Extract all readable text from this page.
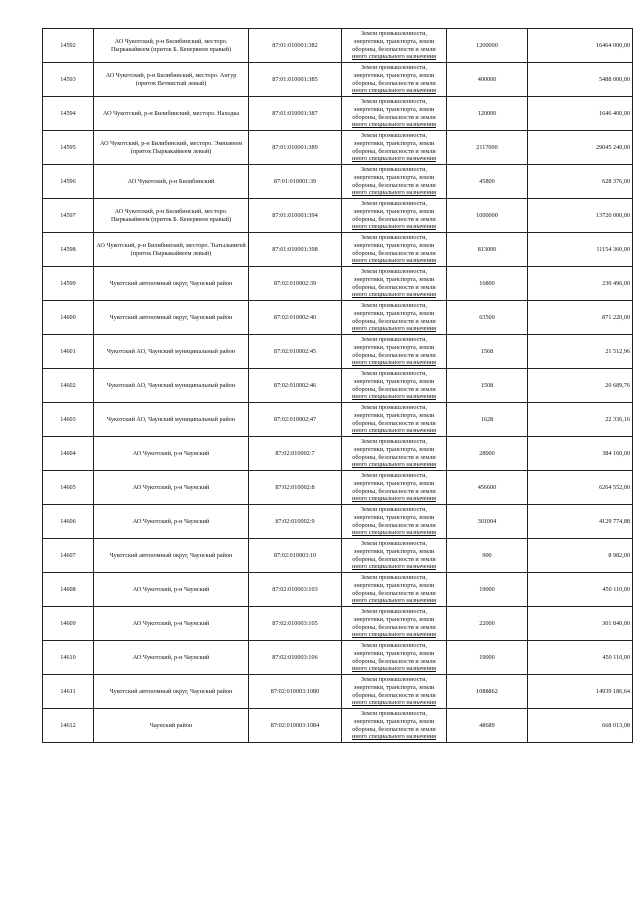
14592	АО Чукотский, р-н Билибинский, месторо. Пыркакайвеем (приток Б. Кенервеем правый)	87:01:010001:382	Земли промышленности,
энергетики, транспорта, земли
обороны, безопасности и земли
иного специального назначения	1200000	16464 000,00
14593	АО Чукотский, р-н Билибинский, месторо. Ангур (приток Ветвистый левый)	87:01:010001:385	Земли промышленности,
энергетики, транспорта, земли
обороны, безопасности и земли
иного специального назначения	400000	5488 000,00
14594	АО Чукотский, р-н Билибинский, месторо. Находка	87:01:010001:387	Земли промышленности,
энергетики, транспорта, земли
обороны, безопасности и земли
иного специального назначения	120000	1646 400,00
14595	АО Чукотский, р-н Билибинский, месторо. Эмнывеем (приток Пыркакайвеем левый)	87:01:010001:389	Земли промышленности,
энергетики, транспорта, земли
обороны, безопасности и земли
иного специального назначения	2117000	29045 240,00
14596	АО Чукотский, р-н Билибинский	87:01:010001:39	Земли промышленности,
энергетики, транспорта, земли
обороны, безопасности и земли
иного специального назначения	45800	628 376,00
14597	АО Чукотский, р-н Билибинский, месторо. Пыркакайвеем (приток Б. Кенервеем правый)	87:01:010001:394	Земли промышленности,
энергетики, транспорта, земли
обороны, безопасности и земли
иного специального назначения	1000000	13720 000,00
14598	АО Чукотский, р-н Билибинский, месторо. Тытыльвигей (приток Пыркакайвеем левый)	87:01:010001:398	Земли промышленности,
энергетики, транспорта, земли
обороны, безопасности и земли
иного специального назначения	813000	11154 360,00
14599	Чукотский автономный округ, Чаунский район	87:02:010002:39	Земли промышленности,
энергетики, транспорта, земли
обороны, безопасности и земли
иного специального назначения	16800	230 496,00
14600	Чукотский автономный округ, Чаунский район	87:02:010002:40	Земли промышленности,
энергетики, транспорта, земли
обороны, безопасности и земли
иного специального назначения	63500	871 220,00
14601	Чукотский АО, Чаунский муниципальный район	87:02:010002:45	Земли промышленности,
энергетики, транспорта, земли
обороны, безопасности и земли
иного специального назначения	1568	21 512,96
14602	Чукотский АО, Чаунский муниципальный район	87:02:010002:46	Земли промышленности,
энергетики, транспорта, земли
обороны, безопасности и земли
иного специального назначения	1508	20 689,76
14603	Чукотский АО, Чаунский муниципальный район	87:02:010002:47	Земли промышленности,
энергетики, транспорта, земли
обороны, безопасности и земли
иного специального назначения	1628	22 336,16
14604	АО Чукотский, р-н Чаунский	87:02:010002:7	Земли промышленности,
энергетики, транспорта, земли
обороны, безопасности и земли
иного специального назначения	28000	384 160,00
14605	АО Чукотский, р-н Чаунский	87:02:010002:8	Земли промышленности,
энергетики, транспорта, земли
обороны, безопасности и земли
иного специального назначения	456600	6264 552,00
14606	АО Чукотский, р-н Чаунский	87:02:010002:9	Земли промышленности,
энергетики, транспорта, земли
обороны, безопасности и земли
иного специального назначения	301004	4129 774,88
14607	Чукотский автономный округ, Чаунский район	87:02:010003:10	Земли промышленности,
энергетики, транспорта, земли
обороны, безопасности и земли
иного специального назначения	900	8 982,00
14608	АО Чукотский, р-н Чаунский	87:02:010003:103	Земли промышленности,
энергетики, транспорта, земли
обороны, безопасности и земли
иного специального назначения	19000	450 110,00
14609	АО Чукотский, р-н Чаунский	87:02:010003:105	Земли промышленности,
энергетики, транспорта, земли
обороны, безопасности и земли
иного специального назначения	22000	301 840,00
14610	АО Чукотский, р-н Чаунский	87:02:010003:106	Земли промышленности,
энергетики, транспорта, земли
обороны, безопасности и земли
иного специального назначения	19000	450 110,00
14611	Чукотский автономный округ, Чаунский район	87:02:010003:1080	Земли промышленности,
энергетики, транспорта, земли
обороны, безопасности и земли
иного специального назначения	1088862	14939 186,64
14612	Чаунский район	87:02:010003:1084	Земли промышленности,
энергетики, транспорта, земли
обороны, безопасности и земли
иного специального назначения	48689	668 013,08
